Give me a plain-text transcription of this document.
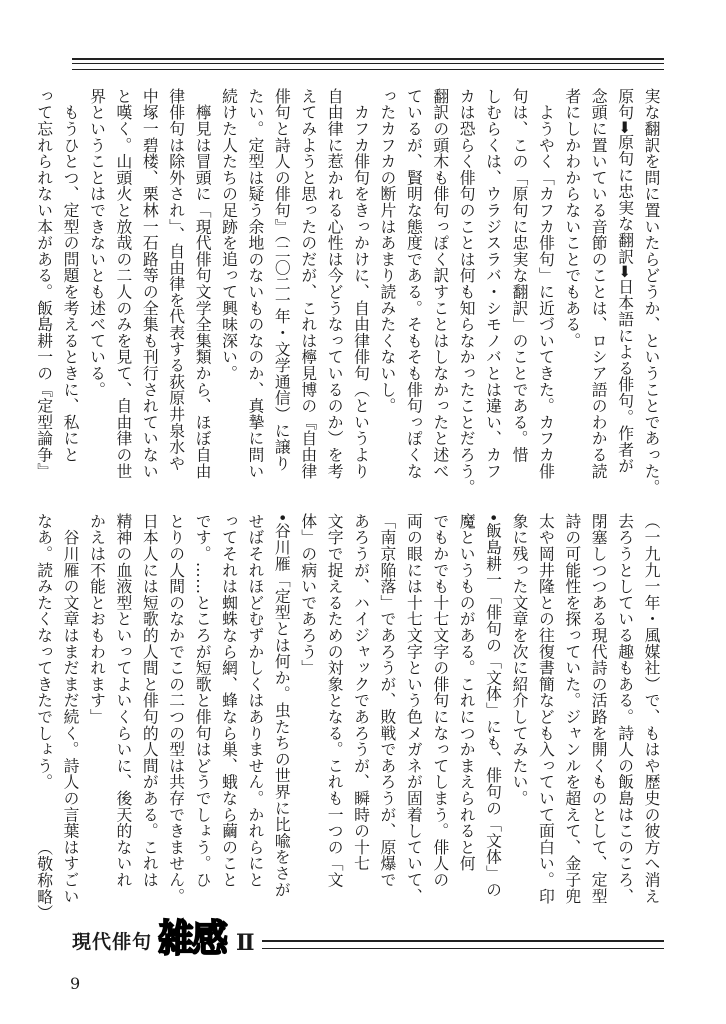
実な翻訳を問に置いたらどうか、ということであった。
原句➡原句に忠実な翻訳➡日本語による俳句。作者が
念頭に置いている音節のことは、ロシア語のわかる読
者にしかわからないことでもある。
　ようやく「カフカ俳句」に近づいてきた。カフカ俳
句は、この「原句に忠実な翻訳」のことである。惜
しむらくは、ウラジスラバ・シモノバとは違い、カフ
カは恐らく俳句のことは何も知らなかったことだろう。
翻訳の頭木も俳句っぽく訳すことはしなかったと述べ
ているが、賢明な態度である。そもそも俳句っぽくな
ったカフカの断片はあまり読みたくないし。
　カフカ俳句をきっかけに、自由律俳句（というより
自由律に惹かれる心性は今どうなっているのか）を考
えてみようと思ったのだが、これは檸見博の『自由律
俳句と詩人の俳句』（二〇二一年・文学通信）に譲り
たい。定型は疑う余地のないものなのか、真摯に問い
続けた人たちの足跡を追って興味深い。
　檸見は冒頭に「現代俳句文学全集類から、ほぼ自由
律俳句は除外され」、自由律を代表する荻原井泉水や
中塚一碧楼、栗林一石路等の全集も刊行されていない
と嘆く。山頭火と放哉の二人のみを見て、自由律の世
界ということはできないとも述べている。
　もうひとつ、定型の問題を考えるときに、私にと
って忘れられない本がある。飯島耕一の『定型論争』
（一九九一年・風媒社）で、もはや歴史の彼方へ消え
去ろうとしている趣もある。詩人の飯島はこのころ、
閉塞しつつある現代詩の活路を開くものとして、定型
詩の可能性を探っていた。ジャンルを超えて、金子兜
太や岡井隆との往復書簡なども入っていて面白い。印
象に残った文章を次に紹介してみたい。
•飯島耕一「俳句の「文体」にも、俳句の「文体」の
魔というものがある。これにつかまえられると何
でもかでも十七文字の俳句になってしまう。俳人の
両の眼には十七文字という色メガネが固着していて、
「南京陥落」であろうが、敗戦であろうが、原爆で
あろうが、ハイジャックであろうが、瞬時の十七
文字で捉えるための対象となる。これも一つの「文
体」の病いであろう」
•谷川雁「定型とは何か。虫たちの世界に比喩をさが
せばそれほどむずかしくはありません。かれらにと
ってそれは蜘蛛なら網、蜂なら巣、蛾なら繭のこと
です。……ところが短歌と俳句はどうでしょう。ひ
とりの人間のなかでこの二つの型は共存できません。
日本人には短歌的人間と俳句的人間がある。これは
精神の血液型といってよいくらいに、後天的ないれ
かえは不能とおもわれます」
　谷川雁の文章はまだまだ続く。詩人の言葉はすごい
なあ。読みたくなってきたでしょう。　　　　（敬称略）
現代俳句 雑感 Ⅱ
9
